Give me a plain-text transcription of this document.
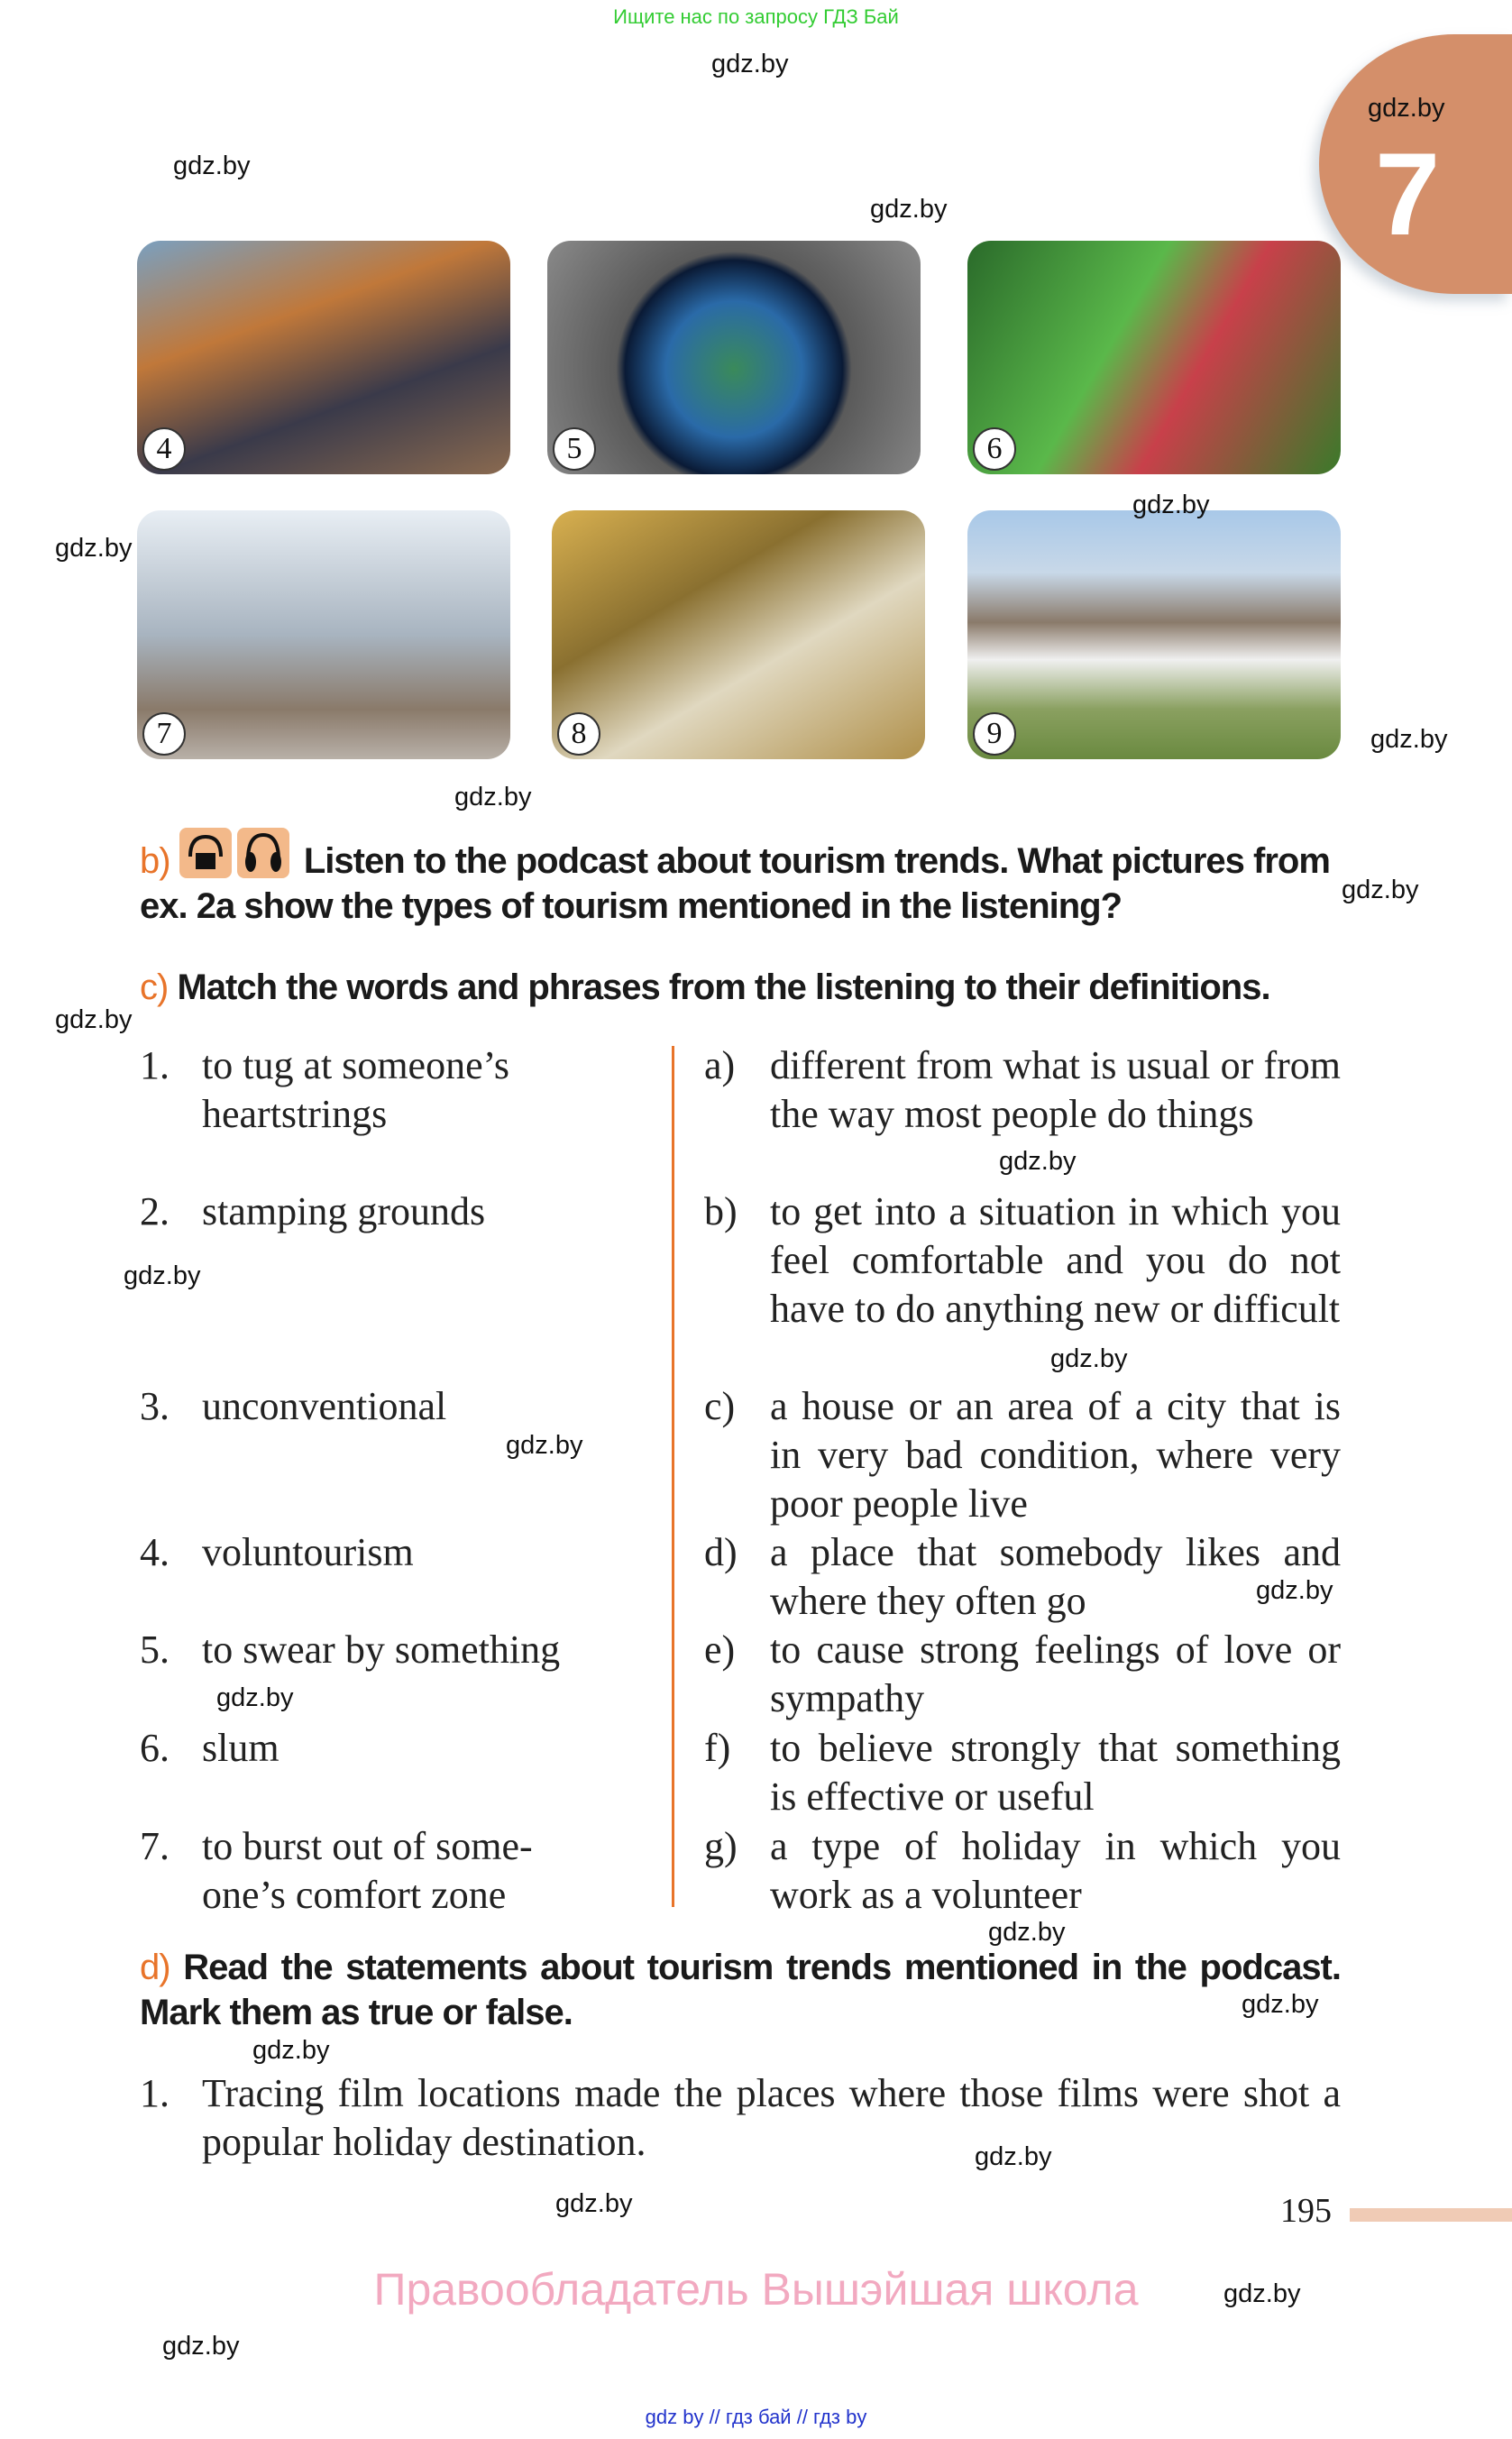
Ищите нас по запросу ГДЗ Бай
7
4	5	6
7	8	9
b)	Listen to the podcast about tourism trends. What pictures from ex. 2a show the types of tourism mentioned in the listening?
c) Match the words and phrases from the listening to their definitions.
1. to tug at someone’s heartstrings
2. stamping grounds
3. unconventional
4. voluntourism
5. to swear by something
6. slum
7. to burst out of some-one’s comfort zone
a) different from what is usual or from the way most people do things
b) to get into a situation in which you feel comfortable and you do not have to do anything new or difficult
c) a house or an area of a city that is in very bad condition, where very poor people live
d) a place that somebody likes and where they often go
e) to cause strong feelings of love or sympathy
f) to believe strongly that something is effective or useful
g) a type of holiday in which you work as a volunteer
d) Read the statements about tourism trends mentioned in the podcast. Mark them as true or false.
1. Tracing film locations made the places where those films were shot a popular holiday destination.
195
Правообладатель Вышэйшая школа
gdz by // гдз бай // гдз by
gdz.by
gdz.by
gdz.by
gdz.by
gdz.by
gdz.by
gdz.by
gdz.by
gdz.by
gdz.by
gdz.by
gdz.by
gdz.by
gdz.by
gdz.by
gdz.by
gdz.by
gdz.by
gdz.by
gdz.by
gdz.by
gdz.by
gdz.by
